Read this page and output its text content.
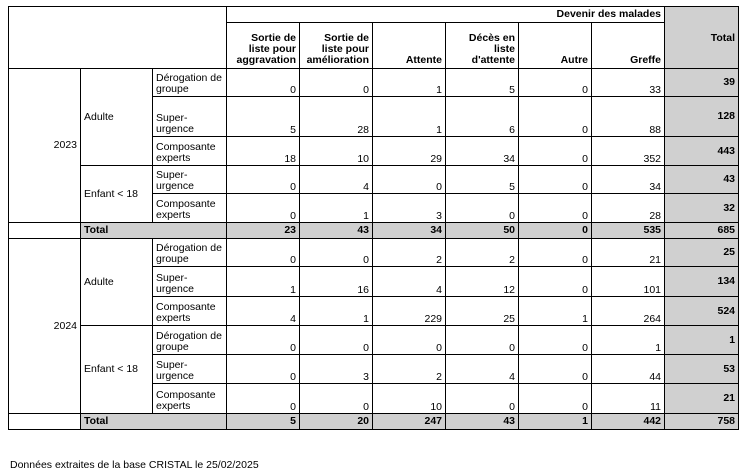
			Devenir des malades						Total
			Sortie de liste pour aggravation	Sortie de liste pour amélioration	Attente	Décès en liste d'attente	Autre	Greffe	
2023	Adulte	Dérogation de groupe	0	0	1	5	0	33	39
		Super-urgence	5	28	1	6	0	88	128
		Composante experts	18	10	29	34	0	352	443
	Enfant < 18	Super-urgence	0	4	0	5	0	34	43
		Composante experts	0	1	3	0	0	28	32
	Total		23	43	34	50	0	535	685
2024	Adulte	Dérogation de groupe	0	0	2	2	0	21	25
		Super-urgence	1	16	4	12	0	101	134
		Composante experts	4	1	229	25	1	264	524
	Enfant < 18	Dérogation de groupe	0	0	0	0	0	1	1
		Super-urgence	0	3	2	4	0	44	53
		Composante experts	0	0	10	0	0	11	21
	Total		5	20	247	43	1	442	758
Données extraites de la base CRISTAL le 25/02/2025
